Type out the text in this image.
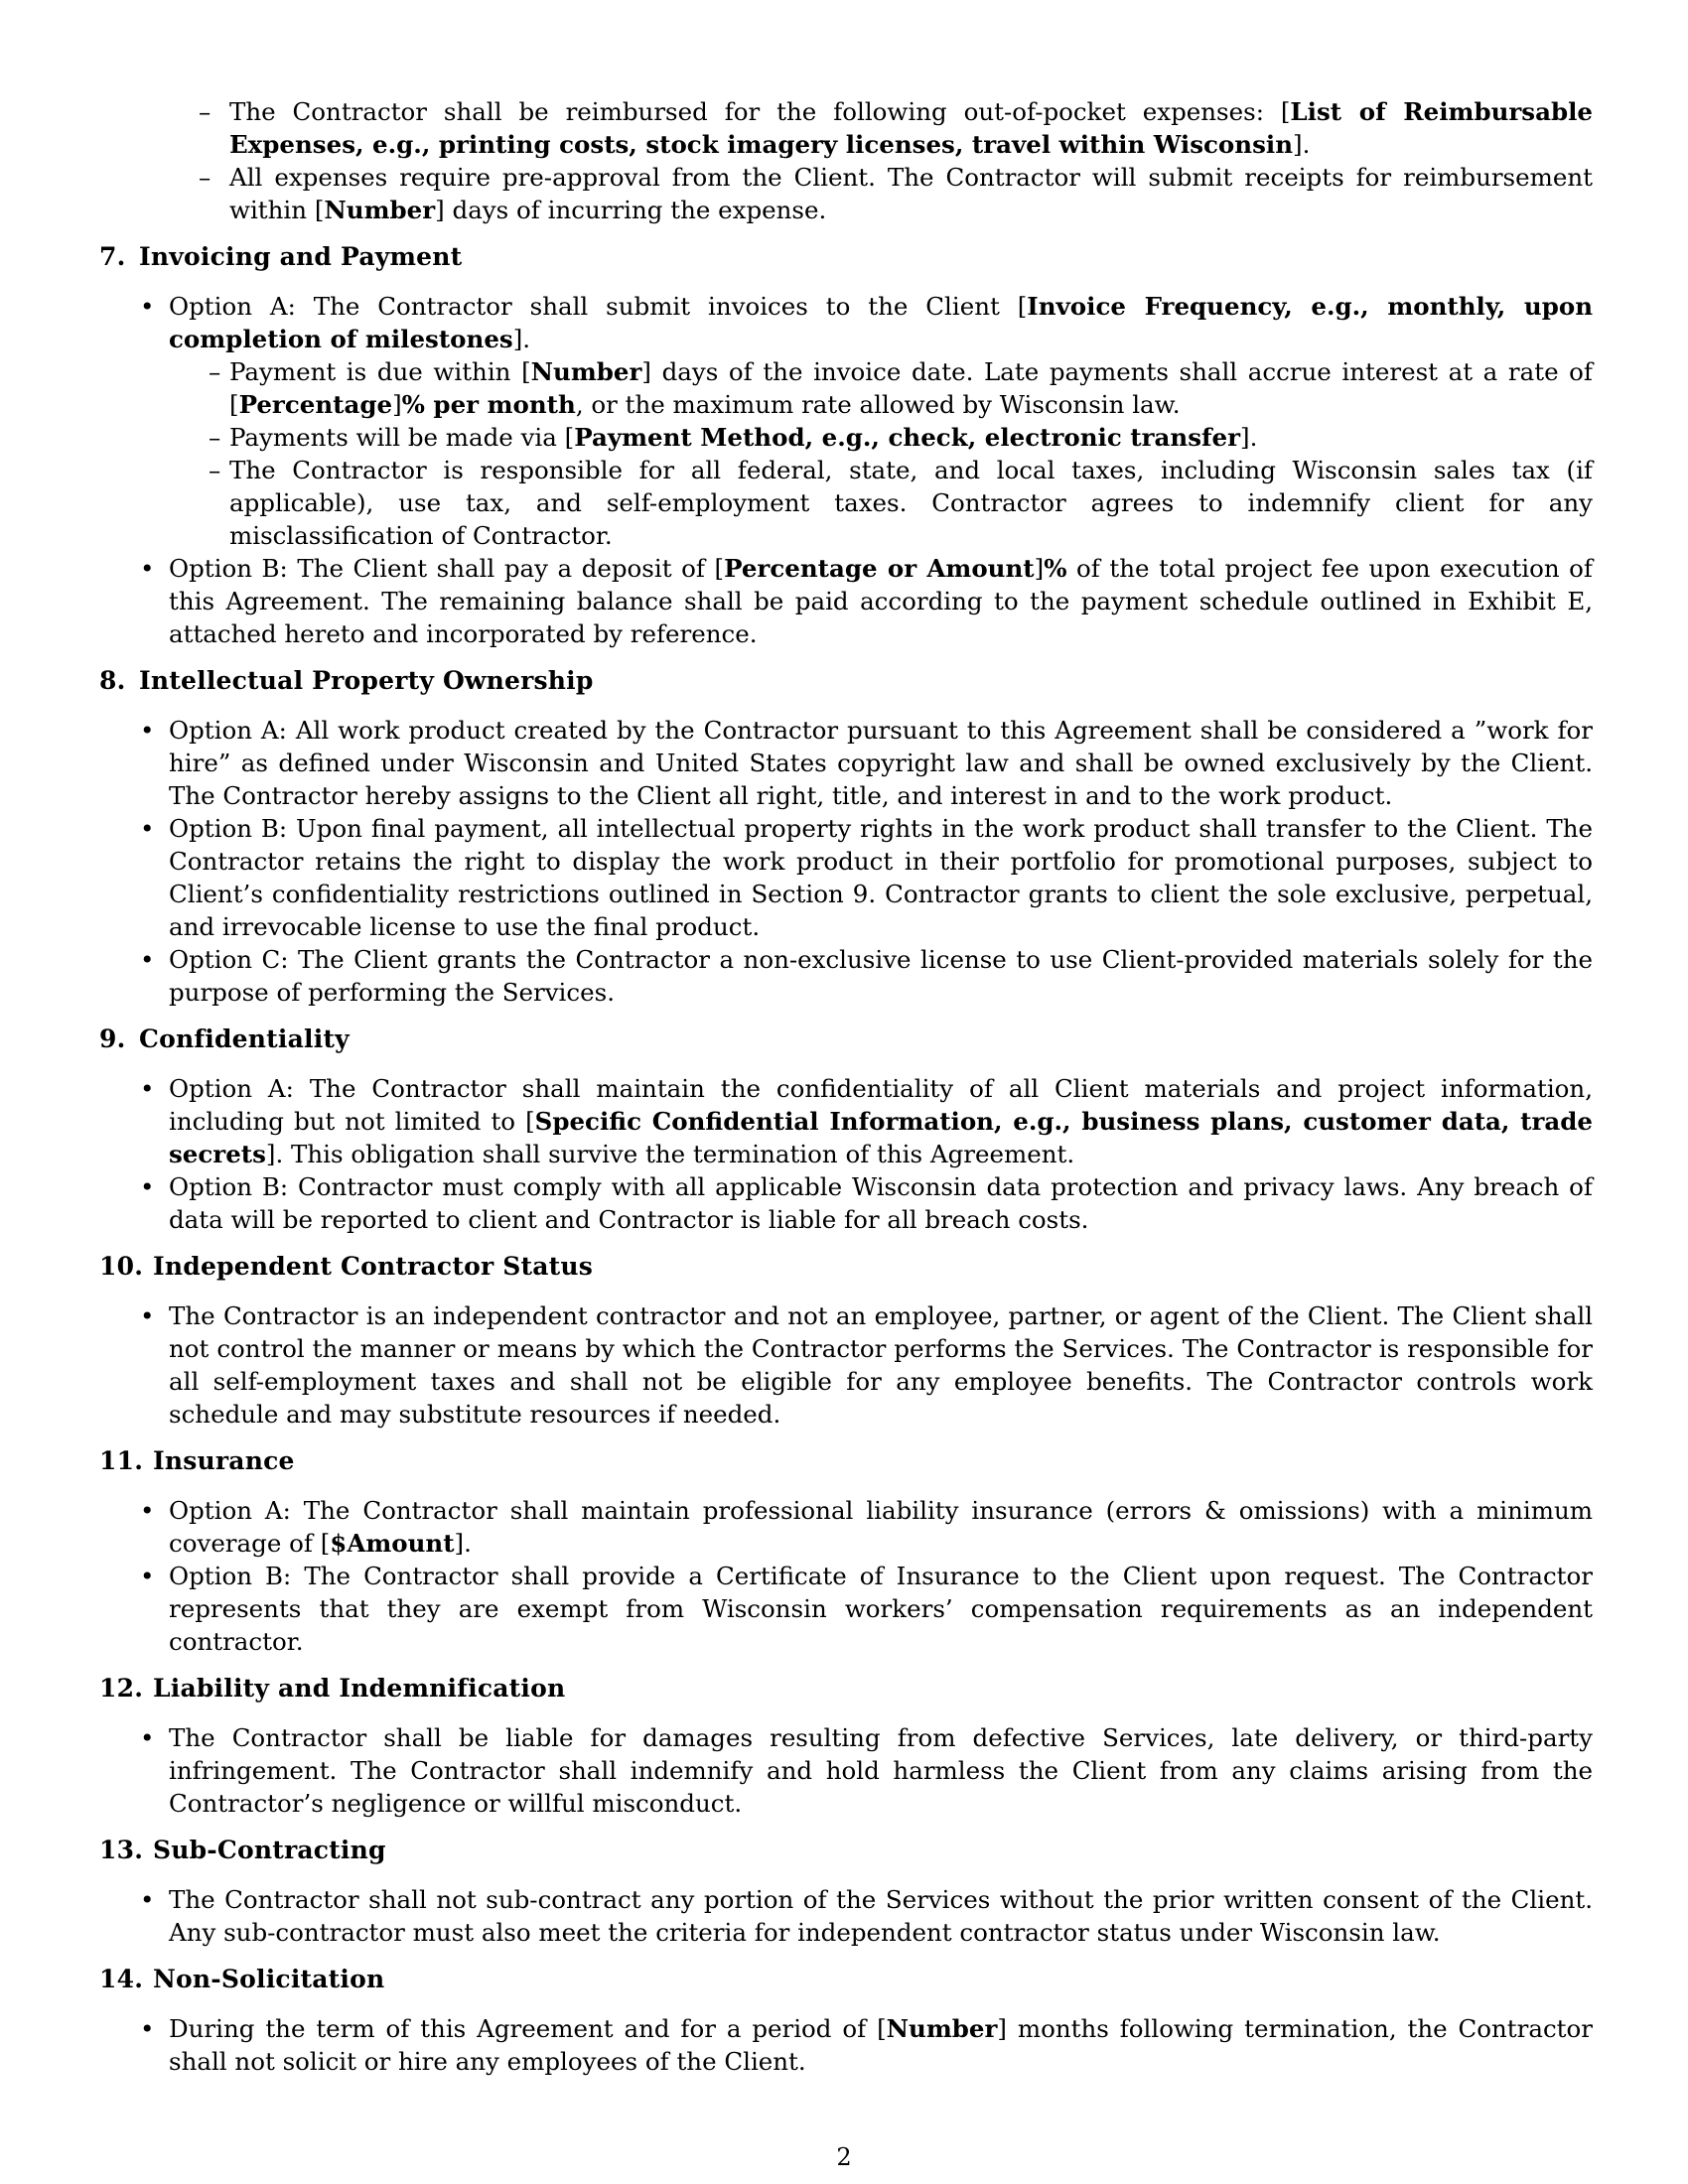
– The Contractor shall be reimbursed for the following out-of-pocket expenses: [List of Reimbursable Expenses, e.g., printing costs, stock imagery licenses, travel within Wisconsin].
– All expenses require pre-approval from the Client. The Contractor will submit receipts for reimbursement within [Number] days of incurring the expense.
7. Invoicing and Payment
• Option A: The Contractor shall submit invoices to the Client [Invoice Frequency, e.g., monthly, upon completion of milestones].
– Payment is due within [Number] days of the invoice date. Late payments shall accrue interest at a rate of [Percentage]% per month, or the maximum rate allowed by Wisconsin law.
– Payments will be made via [Payment Method, e.g., check, electronic transfer].
– The Contractor is responsible for all federal, state, and local taxes, including Wisconsin sales tax (if applicable), use tax, and self-employment taxes. Contractor agrees to indemnify client for any misclassification of Contractor.
• Option B: The Client shall pay a deposit of [Percentage or Amount]% of the total project fee upon execution of this Agreement. The remaining balance shall be paid according to the payment schedule outlined in Exhibit E, attached hereto and incorporated by reference.
8. Intellectual Property Ownership
• Option A: All work product created by the Contractor pursuant to this Agreement shall be considered a ”work for hire” as defined under Wisconsin and United States copyright law and shall be owned exclusively by the Client. The Contractor hereby assigns to the Client all right, title, and interest in and to the work product.
• Option B: Upon final payment, all intellectual property rights in the work product shall transfer to the Client. The Contractor retains the right to display the work product in their portfolio for promotional purposes, subject to Client’s confidentiality restrictions outlined in Section 9. Contractor grants to client the sole exclusive, perpetual, and irrevocable license to use the final product.
• Option C: The Client grants the Contractor a non-exclusive license to use Client-provided materials solely for the purpose of performing the Services.
9. Confidentiality
• Option A: The Contractor shall maintain the confidentiality of all Client materials and project information, including but not limited to [Specific Confidential Information, e.g., business plans, customer data, trade secrets]. This obligation shall survive the termination of this Agreement.
• Option B: Contractor must comply with all applicable Wisconsin data protection and privacy laws. Any breach of data will be reported to client and Contractor is liable for all breach costs.
10. Independent Contractor Status
• The Contractor is an independent contractor and not an employee, partner, or agent of the Client. The Client shall not control the manner or means by which the Contractor performs the Services. The Contractor is responsible for all self-employment taxes and shall not be eligible for any employee benefits. The Contractor controls work schedule and may substitute resources if needed.
11. Insurance
• Option A: The Contractor shall maintain professional liability insurance (errors & omissions) with a minimum coverage of [$Amount].
• Option B: The Contractor shall provide a Certificate of Insurance to the Client upon request. The Contractor represents that they are exempt from Wisconsin workers’ compensation requirements as an independent contractor.
12. Liability and Indemnification
• The Contractor shall be liable for damages resulting from defective Services, late delivery, or third-party infringement. The Contractor shall indemnify and hold harmless the Client from any claims arising from the Contractor’s negligence or willful misconduct.
13. Sub-Contracting
• The Contractor shall not sub-contract any portion of the Services without the prior written consent of the Client. Any sub-contractor must also meet the criteria for independent contractor status under Wisconsin law.
14. Non-Solicitation
• During the term of this Agreement and for a period of [Number] months following termination, the Contractor shall not solicit or hire any employees of the Client.
2
